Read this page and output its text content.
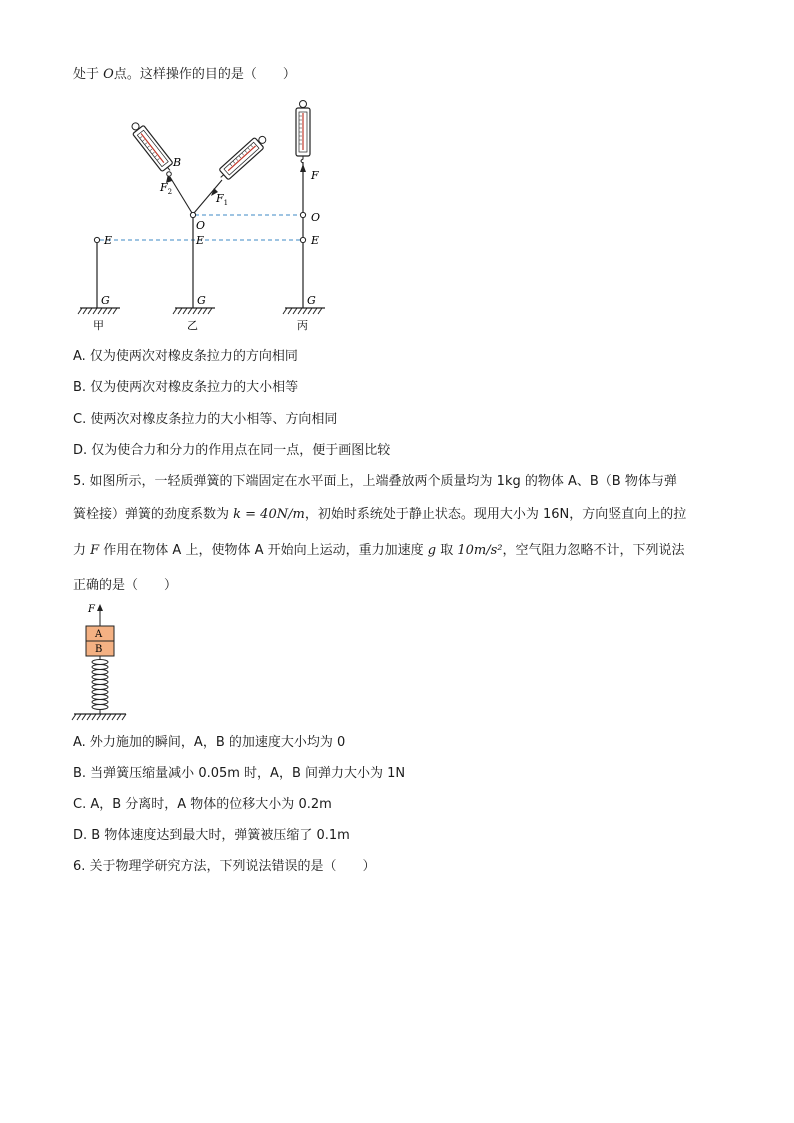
处于 O点。这样操作的目的是（　　）
E
G
甲
B
$F_2$	$F_1$
O
E
G
乙
F
O
E
G
丙
A. 仅为使两次对橡皮条拉力的方向相同
B. 仅为使两次对橡皮条拉力的大小相等
C. 使两次对橡皮条拉力的大小相等、方向相同
D. 仅为使合力和分力的作用点在同一点，便于画图比较
5. 如图所示，一轻质弹簧的下端固定在水平面上，上端叠放两个质量均为 1kg 的物体 A、B（B 物体与弹
簧栓接）弹簧的劲度系数为 k = 40N/m，初始时系统处于静止状态。现用大小为 16N，方向竖直向上的拉
力 F 作用在物体 A 上，使物体 A 开始向上运动，重力加速度 g 取 10m/s²，空气阻力忽略不计，下列说法
正确的是（　　）
F
A
B
A. 外力施加的瞬间，A，B 的加速度大小均为 0
B. 当弹簧压缩量减小 0.05m 时，A，B 间弹力大小为 1N
C. A，B 分离时，A 物体的位移大小为 0.2m
D. B 物体速度达到最大时，弹簧被压缩了 0.1m
6. 关于物理学研究方法，下列说法错误的是（　　）
